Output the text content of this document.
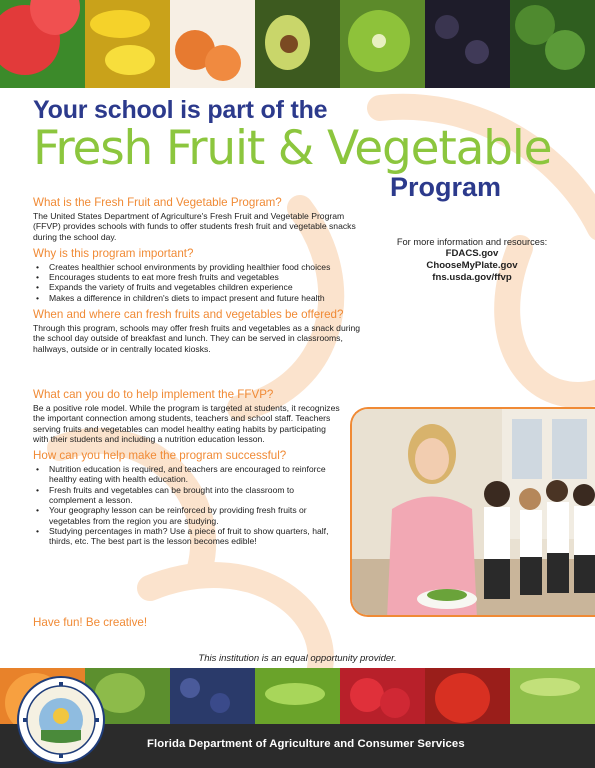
Your school is part of the
Fresh Fruit & Vegetable
Program
What is the Fresh Fruit and Vegetable Program?
The United States Department of Agriculture's Fresh Fruit and Vegetable Program (FFVP) provides schools with funds to offer students fresh fruit and vegetable snacks during the school day.
Why is this program important?
• Creates healthier school environments by providing healthier food choices
• Encourages students to eat more fresh fruits and vegetables
• Expands the variety of fruits and vegetables children experience
• Makes a difference in children's diets to impact present and future health
When and where can fresh fruits and vegetables be offered?
Through this program, schools may offer fresh fruits and vegetables as a snack during the school day outside of breakfast and lunch. They can be served in classrooms, hallways, outside or in centrally located kiosks.
What can you do to help implement the FFVP?
Be a positive role model. While the program is targeted at students, it recognizes the important connection among students, teachers and school staff. Teachers serving fruits and vegetables can model healthy eating habits by participating with their students and including a nutrition education lesson.
How can you help make the program successful?
• Nutrition education is required, and teachers are encouraged to reinforce healthy eating with health education.
• Fresh fruits and vegetables can be brought into the classroom to complement a lesson.
• Your geography lesson can be reinforced by providing fresh fruits or vegetables from the region you are studying.
• Studying percentages in math? Use a piece of fruit to show quarters, half, thirds, etc. The best part is the lesson becomes edible!
Have fun! Be creative!
For more information and resources:
FDACS.gov
ChooseMyPlate.gov
fns.usda.gov/ffvp
This institution is an equal opportunity provider.
Florida Department of Agriculture and Consumer Services
